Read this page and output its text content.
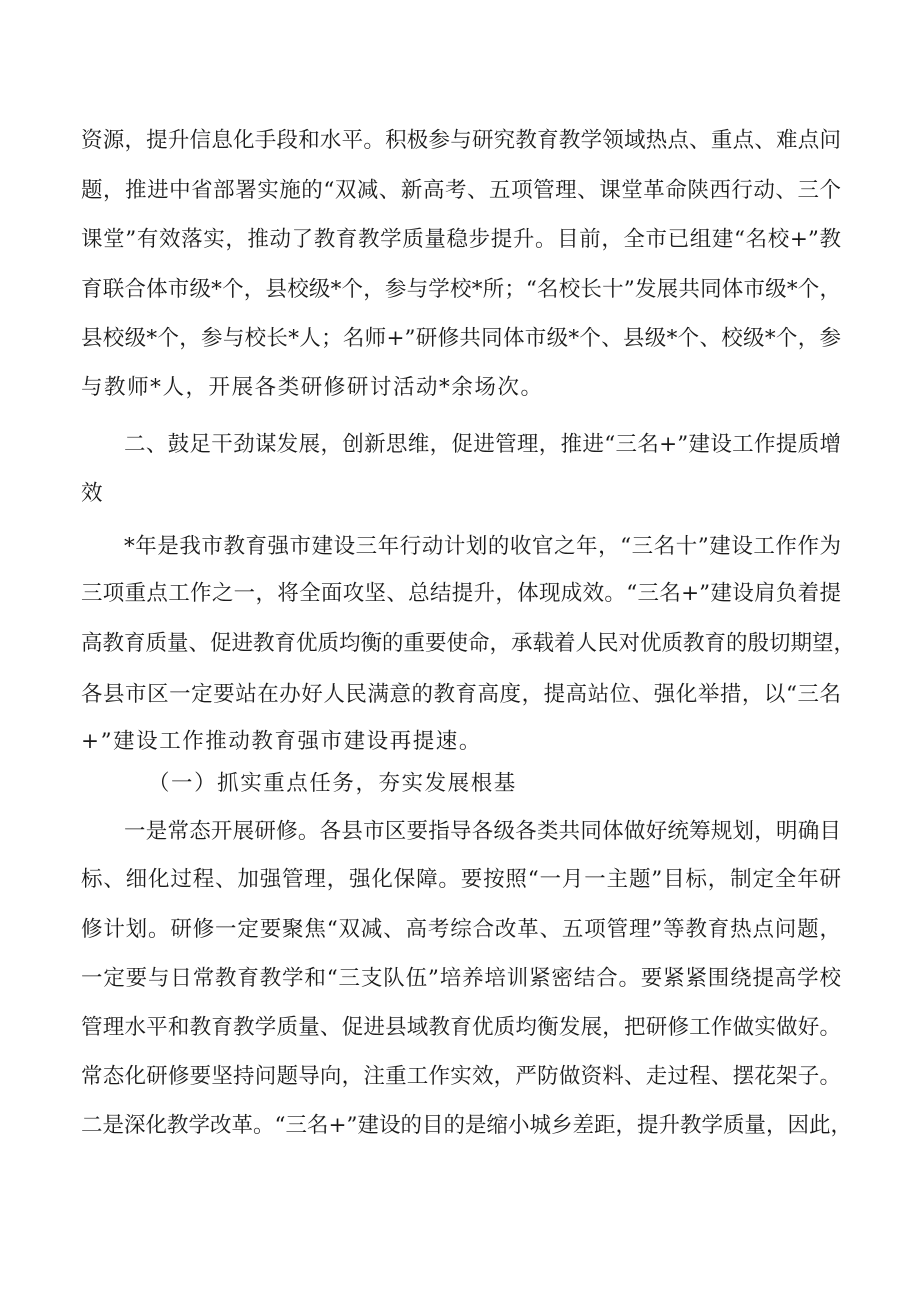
资源，提升信息化手段和水平。积极参与研究教育教学领域热点、重点、难点问
题，推进中省部署实施的“双减、新高考、五项管理、课堂革命陕西行动、三个
课堂”有效落实，推动了教育教学质量稳步提升。目前，全市已组建“名校+”教
育联合体市级*个，县校级*个，参与学校*所；“名校长十”发展共同体市级*个，
县校级*个，参与校长*人；名师+”研修共同体市级*个、县级*个、校级*个，参
与教师*人，开展各类研修研讨活动*余场次。
二、鼓足干劲谋发展，创新思维，促进管理，推进“三名+”建设工作提质增
效
*年是我市教育强市建设三年行动计划的收官之年，“三名十”建设工作作为
三项重点工作之一，将全面攻坚、总结提升，体现成效。“三名+”建设肩负着提
高教育质量、促进教育优质均衡的重要使命，承载着人民对优质教育的殷切期望，
各县市区一定要站在办好人民满意的教育高度，提高站位、强化举措，以“三名
+”建设工作推动教育强市建设再提速。
（一）抓实重点任务，夯实发展根基
一是常态开展研修。各县市区要指导各级各类共同体做好统筹规划，明确目
标、细化过程、加强管理，强化保障。要按照“一月一主题”目标，制定全年研
修计划。研修一定要聚焦“双减、高考综合改革、五项管理”等教育热点问题，
一定要与日常教育教学和“三支队伍”培养培训紧密结合。要紧紧围绕提高学校
管理水平和教育教学质量、促进县域教育优质均衡发展，把研修工作做实做好。
常态化研修要坚持问题导向，注重工作实效，严防做资料、走过程、摆花架子。
二是深化教学改革。“三名+”建设的目的是缩小城乡差距，提升教学质量，因此，
